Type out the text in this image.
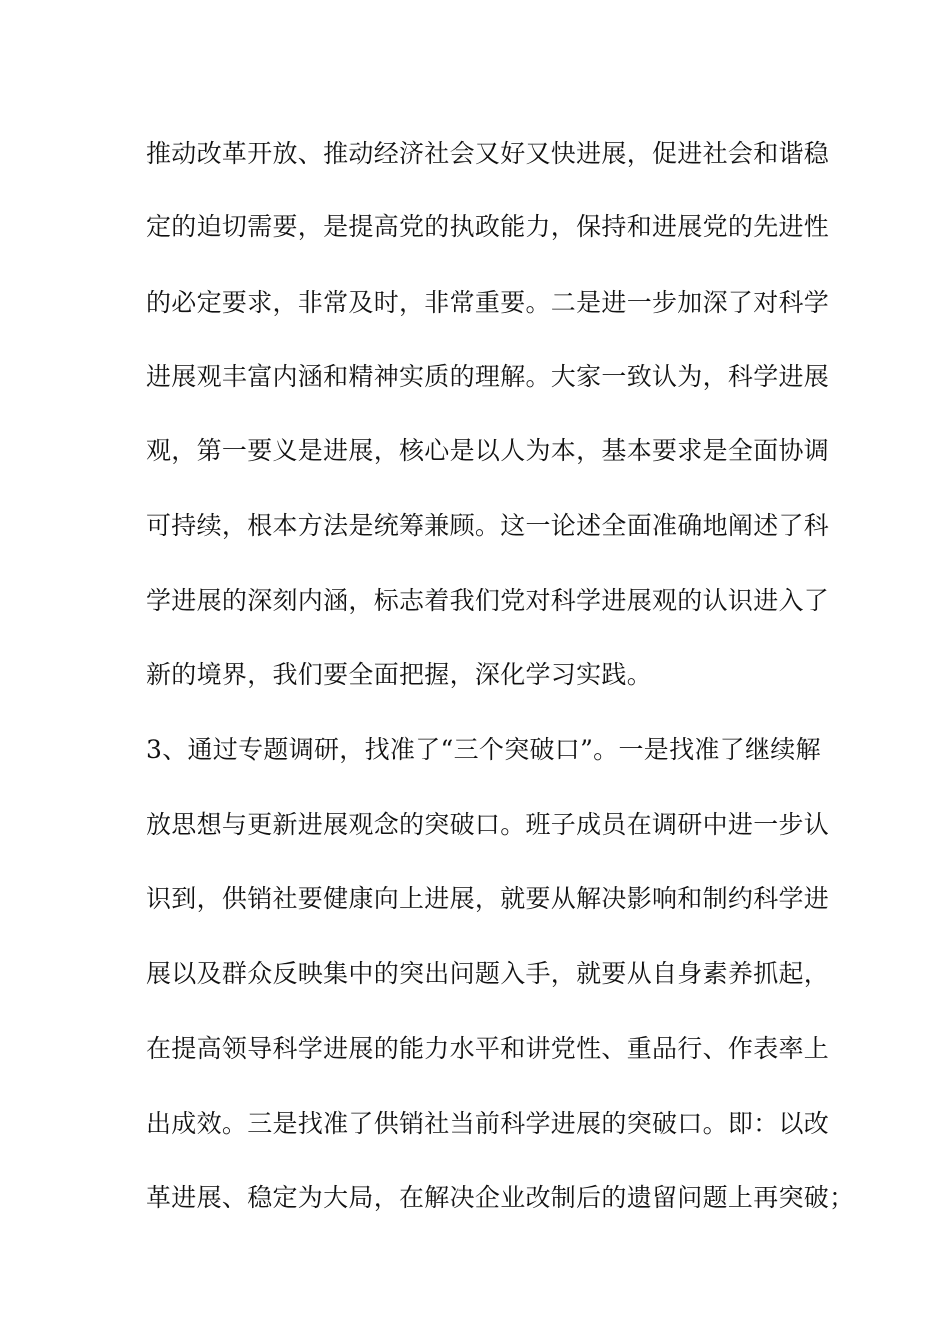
推动改革开放、推动经济社会又好又快进展，促进社会和谐稳
定的迫切需要，是提高党的执政能力，保持和进展党的先进性
的必定要求，非常及时，非常重要。二是进一步加深了对科学
进展观丰富内涵和精神实质的理解。大家一致认为，科学进展
观，第一要义是进展，核心是以人为本，基本要求是全面协调
可持续，根本方法是统筹兼顾。这一论述全面准确地阐述了科
学进展的深刻内涵，标志着我们党对科学进展观的认识进入了
新的境界，我们要全面把握，深化学习实践。
3、通过专题调研，找准了“三个突破口”。一是找准了继续解
放思想与更新进展观念的突破口。班子成员在调研中进一步认
识到，供销社要健康向上进展，就要从解决影响和制约科学进
展以及群众反映集中的突出问题入手，就要从自身素养抓起，
在提高领导科学进展的能力水平和讲党性、重品行、作表率上
出成效。三是找准了供销社当前科学进展的突破口。即：以改
革进展、稳定为大局，在解决企业改制后的遗留问题上再突破；
